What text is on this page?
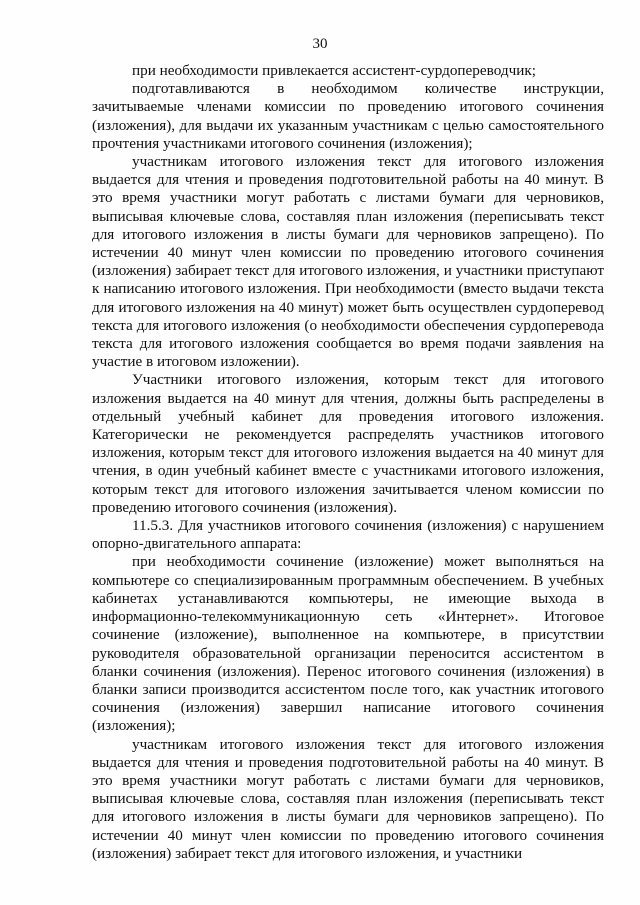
30

при необходимости привлекается ассистент-сурдопереводчик;

подготавливаются в необходимом количестве инструкции, зачитываемые членами комиссии по проведению итогового сочинения (изложения), для выдачи их указанным участникам с целью самостоятельного прочтения участниками итогового сочинения (изложения);

участникам итогового изложения текст для итогового изложения выдается для чтения и проведения подготовительной работы на 40 минут. В это время участники могут работать с листами бумаги для черновиков, выписывая ключевые слова, составляя план изложения (переписывать текст для итогового изложения в листы бумаги для черновиков запрещено). По истечении 40 минут член комиссии по проведению итогового сочинения (изложения) забирает текст для итогового изложения, и участники приступают к написанию итогового изложения. При необходимости (вместо выдачи текста для итогового изложения на 40 минут) может быть осуществлен сурдоперевод текста для итогового изложения (о необходимости обеспечения сурдоперевода текста для итогового изложения сообщается во время подачи заявления на участие в итоговом изложении).

Участники итогового изложения, которым текст для итогового изложения выдается на 40 минут для чтения, должны быть распределены в отдельный учебный кабинет для проведения итогового изложения. Категорически не рекомендуется распределять участников итогового изложения, которым текст для итогового изложения выдается на 40 минут для чтения, в один учебный кабинет вместе с участниками итогового изложения, которым текст для итогового изложения зачитывается членом комиссии по проведению итогового сочинения (изложения).

11.5.3. Для участников итогового сочинения (изложения) с нарушением опорно-двигательного аппарата:

при необходимости сочинение (изложение) может выполняться на компьютере со специализированным программным обеспечением. В учебных кабинетах устанавливаются компьютеры, не имеющие выхода в информационно-телекоммуникационную сеть «Интернет». Итоговое сочинение (изложение), выполненное на компьютере, в присутствии руководителя образовательной организации переносится ассистентом в бланки сочинения (изложения). Перенос итогового сочинения (изложения) в бланки записи производится ассистентом после того, как участник итогового сочинения (изложения) завершил написание итогового сочинения (изложения);

участникам итогового изложения текст для итогового изложения выдается для чтения и проведения подготовительной работы на 40 минут. В это время участники могут работать с листами бумаги для черновиков, выписывая ключевые слова, составляя план изложения (переписывать текст для итогового изложения в листы бумаги для черновиков запрещено). По истечении 40 минут член комиссии по проведению итогового сочинения (изложения) забирает текст для итогового изложения, и участники
